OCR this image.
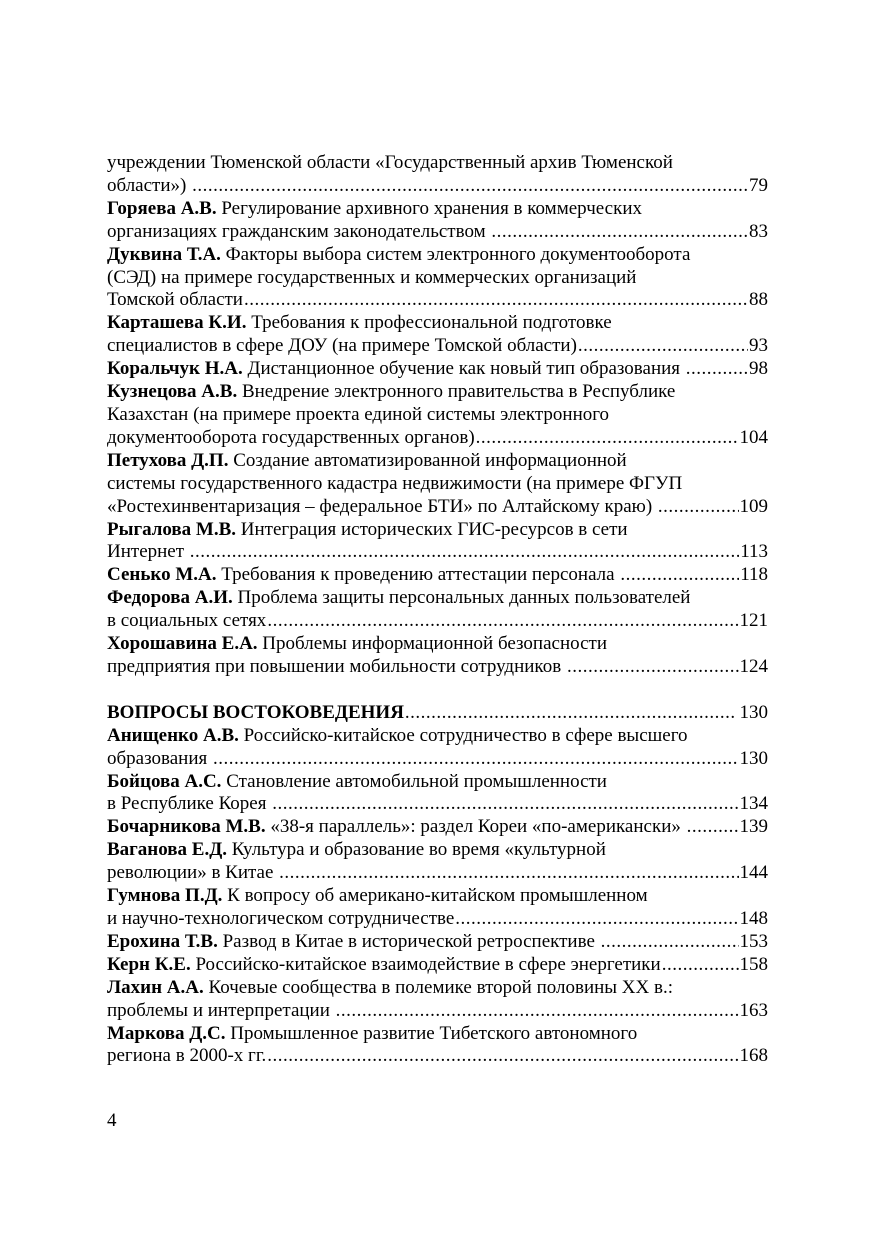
учреждении Тюменской области «Государственный архив Тюменской
области») .....	79
Горяева А.В. Регулирование архивного хранения в коммерческих
организациях гражданским законодательством .....	83
Дуквина Т.А. Факторы выбора систем электронного документооборота
(СЭД) на примере государственных и коммерческих организаций
Томской области .....	88
Карташева К.И. Требования к профессиональной подготовке
специалистов в сфере ДОУ (на примере Томской области) .....	93
Коральчук Н.А. Дистанционное обучение как новый тип образования .....	98
Кузнецова А.В. Внедрение электронного правительства в Республике
Казахстан (на примере проекта единой системы электронного
документооборота государственных органов) .....	104
Петухова Д.П. Создание автоматизированной информационной
системы государственного кадастра недвижимости (на примере ФГУП
«Ростехинвентаризация – федеральное БТИ» по Алтайскому краю) .....	109
Рыгалова М.В. Интеграция исторических ГИС-ресурсов в сети
Интернет .....	113
Сенько М.А. Требования к проведению аттестации персонала .....	118
Федорова А.И. Проблема защиты персональных данных пользователей
в социальных сетях .....	121
Хорошавина Е.А. Проблемы информационной безопасности
предприятия при повышении мобильности сотрудников .....	124
ВОПРОСЫ ВОСТОКОВЕДЕНИЯ .....	130
Анищенко А.В. Российско-китайское сотрудничество в сфере высшего
образования .....	130
Бойцова А.С. Становление автомобильной промышленности
в Республике Корея .....	134
Бочарникова М.В. «38-я параллель»: раздел Кореи «по-американски» .....	139
Ваганова Е.Д. Культура и образование во время «культурной
революции» в Китае .....	144
Гумнова П.Д. К вопросу об американо-китайском промышленном
и научно-технологическом сотрудничестве .....	148
Ерохина Т.В. Развод в Китае в исторической ретроспективе .....	153
Керн К.Е. Российско-китайское взаимодействие в сфере энергетики .....	158
Лахин А.А. Кочевые сообщества в полемике второй половины XX в.:
проблемы и интерпретации .....	163
Маркова Д.С. Промышленное развитие Тибетского автономного
региона в 2000-х гг. .....	168
4
